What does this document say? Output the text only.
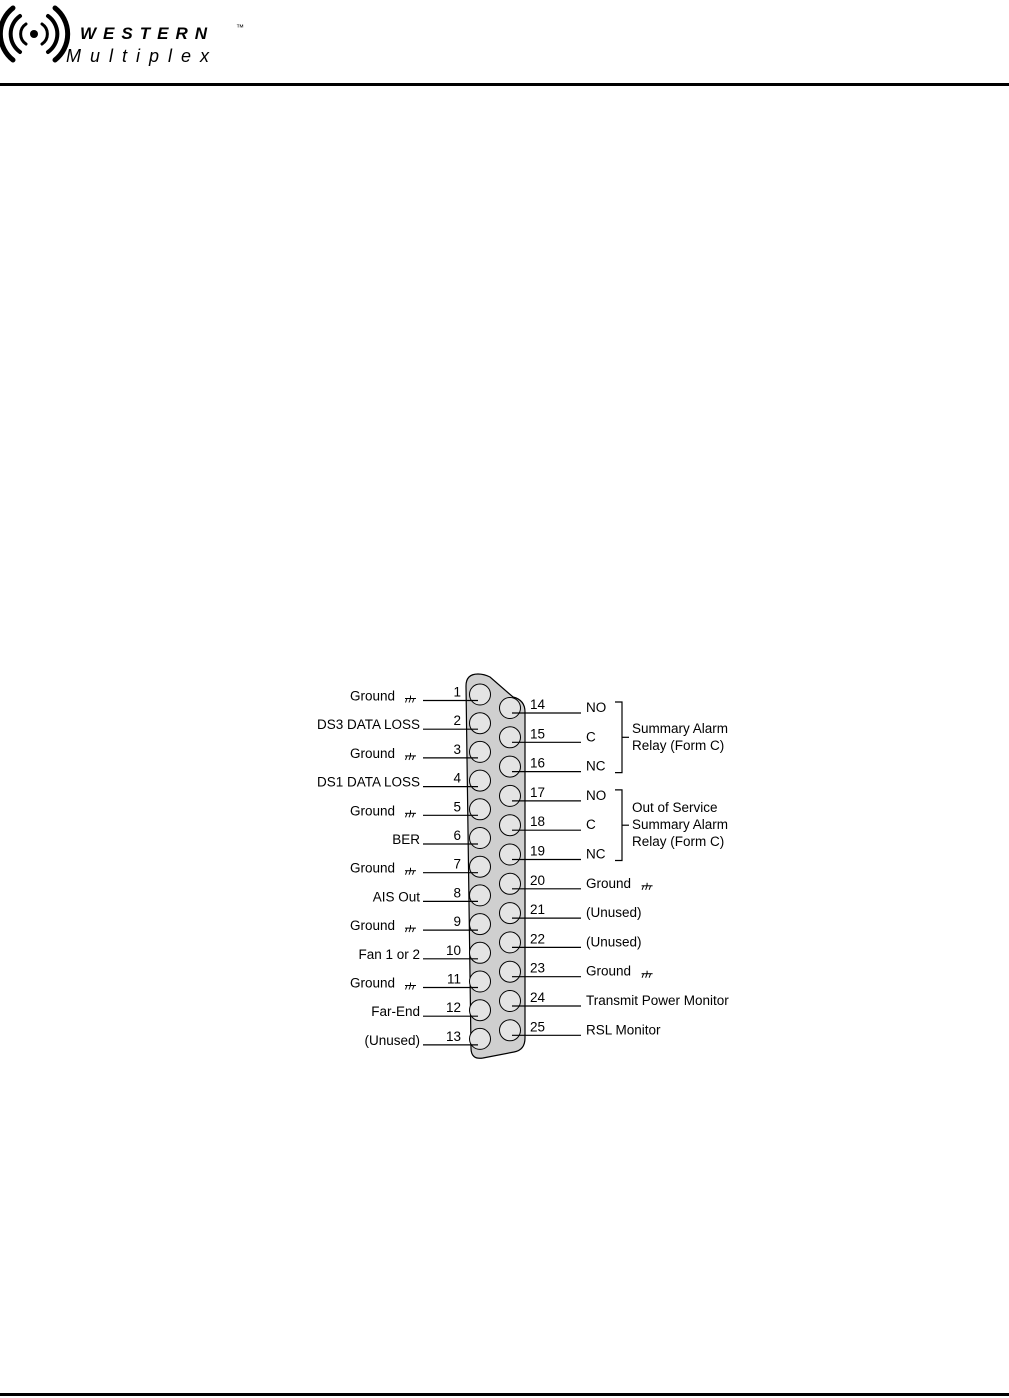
WESTERN	™
Multiplex
1
Ground
2
DS3 DATA LOSS
3
Ground
4
DS1 DATA LOSS
5
Ground
6
BER
7
Ground
8
AIS Out
9
Ground
10
Fan 1 or 2
11
Ground
12
Far-End
13
(Unused)
14	NO
15	C
16	NC
17	NO
18	C
19	NC
20	Ground
21	(Unused)
22	(Unused)
23	Ground
24	Transmit Power Monitor
25	RSL Monitor
Summary Alarm
Relay (Form C)
Out of Service
Summary Alarm
Relay (Form C)
